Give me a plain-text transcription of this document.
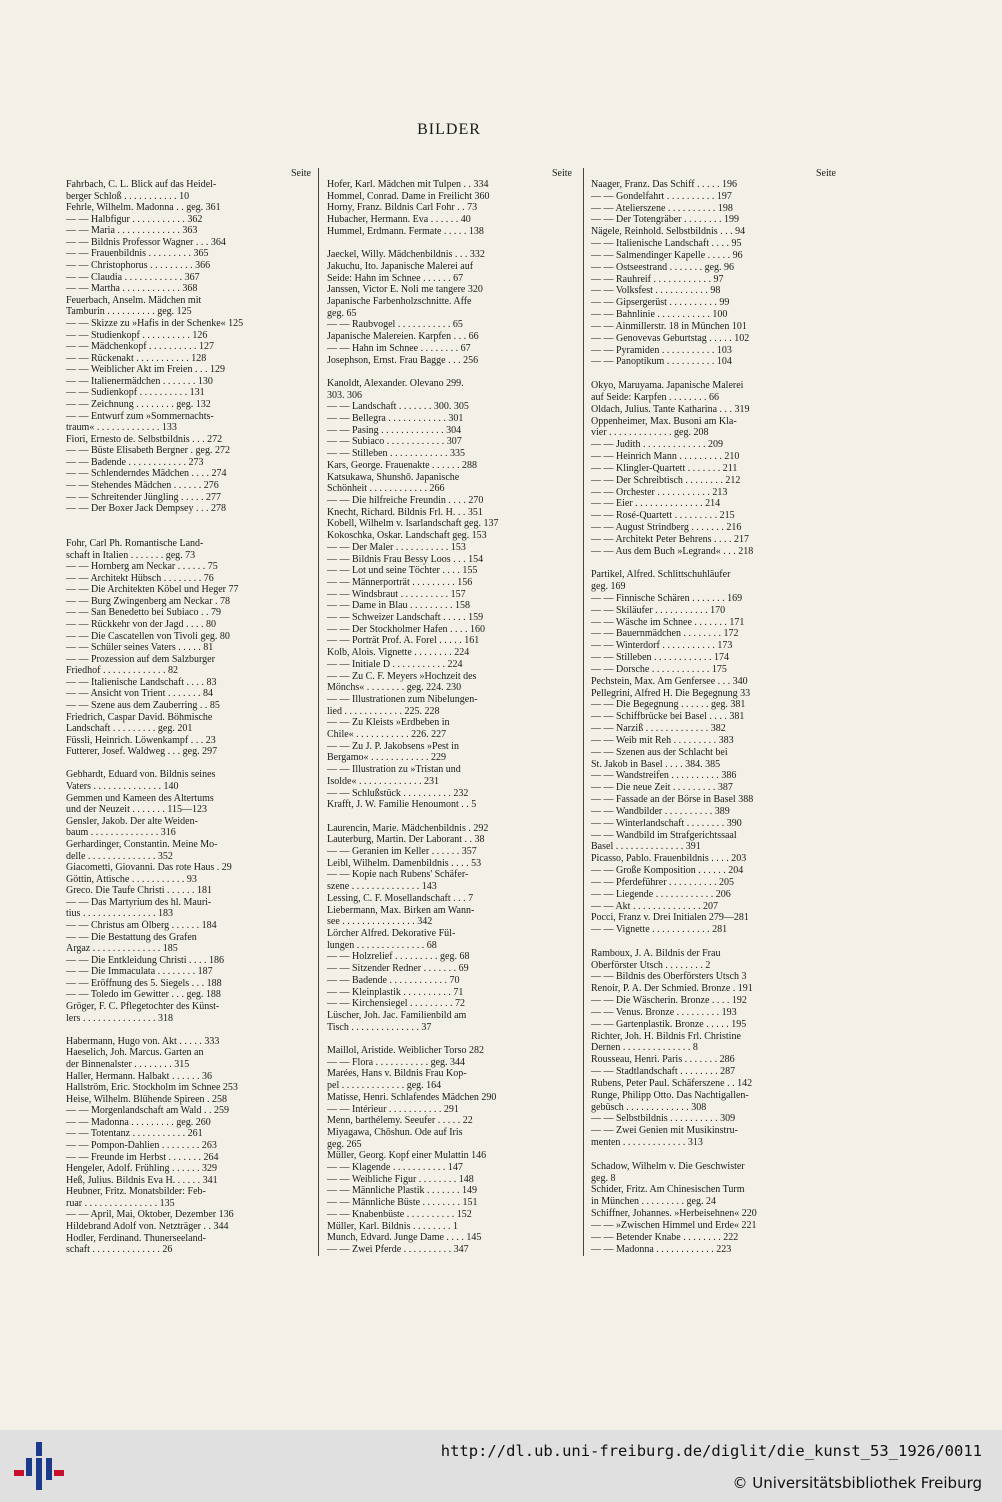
BILDER
Seite
Fahrbach, C. L. Blick auf das Heidel-
berger Schloß . . . . . . . . . . . 10
Fehrle, Wilhelm. Madonna . . geg. 361
— — Halbfigur . . . . . . . . . . . 362
— — Maria . . . . . . . . . . . . . 363
— — Bildnis Professor Wagner . . . 364
— — Frauenbildnis . . . . . . . . . 365
— — Christophorus . . . . . . . . . 366
— — Claudia . . . . . . . . . . . . 367
— — Martha . . . . . . . . . . . . 368
Feuerbach, Anselm. Mädchen mit
Tamburin . . . . . . . . . . geg. 125
— — Skizze zu »Hafis in der Schenke« 125
— — Studienkopf . . . . . . . . . . 126
— — Mädchenkopf . . . . . . . . . . 127
— — Rückenakt . . . . . . . . . . . 128
— — Weiblicher Akt im Freien . . . 129
— — Italienermädchen . . . . . . . 130
— — Sudienkopf . . . . . . . . . . 131
— — Zeichnung . . . . . . . . geg. 132
— — Entwurf zum »Sommernachts-
traum« . . . . . . . . . . . . . 133
Fiori, Ernesto de. Selbstbildnis . . . 272
— — Büste Elisabeth Bergner . geg. 272
— — Badende . . . . . . . . . . . . 273
— — Schlenderndes Mädchen . . . . 274
— — Stehendes Mädchen . . . . . . 276
— — Schreitender Jüngling . . . . . 277
— — Der Boxer Jack Dempsey . . . 278
Fohr, Carl Ph. Romantische Land-
schaft in Italien . . . . . . . geg. 73
— — Hornberg am Neckar . . . . . . 75
— — Architekt Hübsch . . . . . . . . 76
— — Die Architekten Köbel und Heger 77
— — Burg Zwingenberg am Neckar . 78
— — San Benedetto bei Subiaco . . 79
— — Rückkehr von der Jagd . . . . 80
— — Die Cascatellen von Tivoli geg. 80
— — Schüler seines Vaters . . . . . 81
— — Prozession auf dem Salzburger
Friedhof . . . . . . . . . . . . . 82
— — Italienische Landschaft . . . . 83
— — Ansicht von Trient . . . . . . . 84
— — Szene aus dem Zauberring . . 85
Friedrich, Caspar David. Böhmische
Landschaft . . . . . . . . . geg. 201
Füssli, Heinrich. Löwenkampf . . . 23
Futterer, Josef. Waldweg . . . geg. 297
Gebhardt, Eduard von. Bildnis seines
Vaters . . . . . . . . . . . . . . 140
Gemmen und Kameen des Altertums
und der Neuzeit . . . . . . . 115—123
Gensler, Jakob. Der alte Weiden-
baum . . . . . . . . . . . . . . 316
Gerhardinger, Constantin. Meine Mo-
delle . . . . . . . . . . . . . . 352
Giacometti, Giovanni. Das rote Haus . 29
Göttin, Attische . . . . . . . . . . . 93
Greco. Die Taufe Christi . . . . . . 181
— — Das Martyrium des hl. Mauri-
tius . . . . . . . . . . . . . . . 183
— — Christus am Ölberg . . . . . . 184
— — Die Bestattung des Grafen
Argaz . . . . . . . . . . . . . . 185
— — Die Entkleidung Christi . . . . 186
— — Die Immaculata . . . . . . . . 187
— — Eröffnung des 5. Siegels . . . 188
— — Toledo im Gewitter . . . geg. 188
Gröger, F. C. Pflegetochter des Künst-
lers . . . . . . . . . . . . . . . 318
Habermann, Hugo von. Akt . . . . . 333
Haeselich, Joh. Marcus. Garten an
der Binnenalster . . . . . . . . 315
Haller, Hermann. Halbakt . . . . . . 36
Hallström, Eric. Stockholm im Schnee 253
Heise, Wilhelm. Blühende Spireen . 258
— — Morgenlandschaft am Wald . . 259
— — Madonna . . . . . . . . . geg. 260
— — Totentanz . . . . . . . . . . . 261
— — Pompon-Dahlien . . . . . . . . 263
— — Freunde im Herbst . . . . . . . 264
Hengeler, Adolf. Frühling . . . . . . 329
Heß, Julius. Bildnis Eva H. . . . . . 341
Heubner, Fritz. Monatsbilder: Feb-
ruar . . . . . . . . . . . . . . . 135
— — April, Mai, Oktober, Dezember 136
Hildebrand Adolf von. Netzträger . . 344
Hodler, Ferdinand. Thunerseeland-
schaft . . . . . . . . . . . . . . 26
Seite
Hofer, Karl. Mädchen mit Tulpen . . 334
Hommel, Conrad. Dame in Freilicht 360
Horny, Franz. Bildnis Carl Fohr . . 73
Hubacher, Hermann. Eva . . . . . . 40
Hummel, Erdmann. Fermate . . . . . 138
Jaeckel, Willy. Mädchenbildnis . . . 332
Jakuchu, Ito. Japanische Malerei auf
Seide: Hahn im Schnee . . . . . . 67
Janssen, Victor E. Noli me tangere 320
Japanische Farbenholzschnitte. Affe
geg. 65
— — Raubvogel . . . . . . . . . . . 65
Japanische Malereien. Karpfen . . . 66
— — Hahn im Schnee . . . . . . . . 67
Josephson, Ernst. Frau Bagge . . . 256
Kanoldt, Alexander. Olevano 299.
303. 306
— — Landschaft . . . . . . . 300. 305
— — Bellegra . . . . . . . . . . . . 301
— — Pasing . . . . . . . . . . . . . 304
— — Subiaco . . . . . . . . . . . . 307
— — Stilleben . . . . . . . . . . . . 335
Kars, George. Frauenakte . . . . . . 288
Katsukawa, Shunshō. Japanische
Schönheit . . . . . . . . . . . . 266
— — Die hilfreiche Freundin . . . . 270
Knecht, Richard. Bildnis Frl. H. . . 351
Kobell, Wilhelm v. Isarlandschaft geg. 137
Kokoschka, Oskar. Landschaft geg. 153
— — Der Maler . . . . . . . . . . . 153
— — Bildnis Frau Bessy Loos . . . 154
— — Lot und seine Töchter . . . . 155
— — Männerporträt . . . . . . . . . 156
— — Windsbraut . . . . . . . . . . 157
— — Dame in Blau . . . . . . . . . 158
— — Schweizer Landschaft . . . . . 159
— — Der Stockholmer Hafen . . . . 160
— — Porträt Prof. A. Forel . . . . . 161
Kolb, Alois. Vignette . . . . . . . . 224
— — Initiale D . . . . . . . . . . . 224
— — Zu C. F. Meyers »Hochzeit des
Mönchs« . . . . . . . . geg. 224. 230
— — Illustrationen zum Nibelungen-
lied . . . . . . . . . . . . 225. 228
— — Zu Kleists »Erdbeben in
Chile« . . . . . . . . . . . 226. 227
— — Zu J. P. Jakobsens »Pest in
Bergamo« . . . . . . . . . . . . 229
— — Illustration zu »Tristan und
Isolde« . . . . . . . . . . . . . 231
— — Schlußstück . . . . . . . . . . 232
Krafft, J. W. Familie Henoumont . . 5
Laurencin, Marie. Mädchenbildnis . 292
Lauterburg, Martin. Der Laborant . . 38
— — Geranien im Keller . . . . . . 357
Leibl, Wilhelm. Damenbildnis . . . . 53
— — Kopie nach Rubens' Schäfer-
szene . . . . . . . . . . . . . . 143
Lessing, C. F. Mosellandschaft . . . 7
Liebermann, Max. Birken am Wann-
see . . . . . . . . . . . . . . . 342
Lörcher Alfred. Dekorative Fül-
lungen . . . . . . . . . . . . . . 68
— — Holzrelief . . . . . . . . . geg. 68
— — Sitzender Redner . . . . . . . 69
— — Badende . . . . . . . . . . . . 70
— — Kleinplastik . . . . . . . . . . 71
— — Kirchensiegel . . . . . . . . . 72
Lüscher, Joh. Jac. Familienbild am
Tisch . . . . . . . . . . . . . . 37
Maillol, Aristide. Weiblicher Torso 282
— — Flora . . . . . . . . . . . geg. 344
Marées, Hans v. Bildnis Frau Kop-
pel . . . . . . . . . . . . . geg. 164
Matisse, Henri. Schlafendes Mädchen 290
— — Intérieur . . . . . . . . . . . 291
Menn, barthélemy. Seeufer . . . . . 22
Miyagawa, Chōshun. Ode auf Iris
geg. 265
Müller, Georg. Kopf einer Mulattin 146
— — Klagende . . . . . . . . . . . 147
— — Weibliche Figur . . . . . . . . 148
— — Männliche Plastik . . . . . . . 149
— — Männliche Büste . . . . . . . . 151
— — Knabenbüste . . . . . . . . . . 152
Müller, Karl. Bildnis . . . . . . . . 1
Munch, Edvard. Junge Dame . . . . 145
— — Zwei Pferde . . . . . . . . . . 347
Seite
Naager, Franz. Das Schiff . . . . . 196
— — Gondelfahrt . . . . . . . . . . 197
— — Atelierszene . . . . . . . . . . 198
— — Der Totengräber . . . . . . . . 199
Nägele, Reinhold. Selbstbildnis . . . 94
— — Italienische Landschaft . . . . 95
— — Salmendinger Kapelle . . . . . 96
— — Ostseestrand . . . . . . . geg. 96
— — Rauhreif . . . . . . . . . . . . 97
— — Volksfest . . . . . . . . . . . 98
— — Gipsergerüst . . . . . . . . . . 99
— — Bahnlinie . . . . . . . . . . . 100
— — Ainmillerstr. 18 in München 101
— — Genovevas Geburtstag . . . . . 102
— — Pyramiden . . . . . . . . . . . 103
— — Panoptikum . . . . . . . . . . 104
Okyo, Maruyama. Japanische Malerei
auf Seide: Karpfen . . . . . . . . 66
Oldach, Julius. Tante Katharina . . . 319
Oppenheimer, Max. Busoni am Kla-
vier . . . . . . . . . . . . . geg. 208
— — Judith . . . . . . . . . . . . . 209
— — Heinrich Mann . . . . . . . . . 210
— — Klingler-Quartett . . . . . . . 211
— — Der Schreibtisch . . . . . . . . 212
— — Orchester . . . . . . . . . . . 213
— — Eier . . . . . . . . . . . . . . 214
— — Rosé-Quartett . . . . . . . . . 215
— — August Strindberg . . . . . . . 216
— — Architekt Peter Behrens . . . . 217
— — Aus dem Buch »Legrand« . . . 218
Partikel, Alfred. Schlittschuhläufer
geg. 169
— — Finnische Schären . . . . . . . 169
— — Skiläufer . . . . . . . . . . . 170
— — Wäsche im Schnee . . . . . . . 171
— — Bauernmädchen . . . . . . . . 172
— — Winterdorf . . . . . . . . . . . 173
— — Stilleben . . . . . . . . . . . . 174
— — Dorsche . . . . . . . . . . . . 175
Pechstein, Max. Am Genfersee . . . 340
Pellegrini, Alfred H. Die Begegnung 33
— — Die Begegnung . . . . . . geg. 381
— — Schiffbrücke bei Basel . . . . 381
— — Narziß . . . . . . . . . . . . . 382
— — Weib mit Reh . . . . . . . . . 383
— — Szenen aus der Schlacht bei
St. Jakob in Basel . . . . 384. 385
— — Wandstreifen . . . . . . . . . . 386
— — Die neue Zeit . . . . . . . . . 387
— — Fassade an der Börse in Basel 388
— — Wandbilder . . . . . . . . . . 389
— — Winterlandschaft . . . . . . . . 390
— — Wandbild im Strafgerichtssaal
Basel . . . . . . . . . . . . . . 391
Picasso, Pablo. Frauenbildnis . . . . 203
— — Große Komposition . . . . . . 204
— — Pferdeführer . . . . . . . . . . 205
— — Liegende . . . . . . . . . . . . 206
— — Akt . . . . . . . . . . . . . . 207
Pocci, Franz v. Drei Initialen 279—281
— — Vignette . . . . . . . . . . . . 281
Ramboux, J. A. Bildnis der Frau
Oberförster Utsch . . . . . . . . 2
— — Bildnis des Oberförsters Utsch 3
Renoir, P. A. Der Schmied. Bronze . 191
— — Die Wäscherin. Bronze . . . . 192
— — Venus. Bronze . . . . . . . . . 193
— — Gartenplastik. Bronze . . . . . 195
Richter, Joh. H. Bildnis Frl. Christine
Dernen . . . . . . . . . . . . . . 8
Rousseau, Henri. Paris . . . . . . . 286
— — Stadtlandschaft . . . . . . . . 287
Rubens, Peter Paul. Schäferszene . . 142
Runge, Philipp Otto. Das Nachtigallen-
gebüsch . . . . . . . . . . . . . 308
— — Selbstbildnis . . . . . . . . . . 309
— — Zwei Genien mit Musikinstru-
menten . . . . . . . . . . . . . 313
Schadow, Wilhelm v. Die Geschwister
geg. 8
Schider, Fritz. Am Chinesischen Turm
in München . . . . . . . . . geg. 24
Schiffner, Johannes. »Herbeisehnen« 220
— — »Zwischen Himmel und Erde« 221
— — Betender Knabe . . . . . . . . 222
— — Madonna . . . . . . . . . . . . 223
http://dl.ub.uni-freiburg.de/diglit/die_kunst_53_1926/0011
© Universitätsbibliothek Freiburg
